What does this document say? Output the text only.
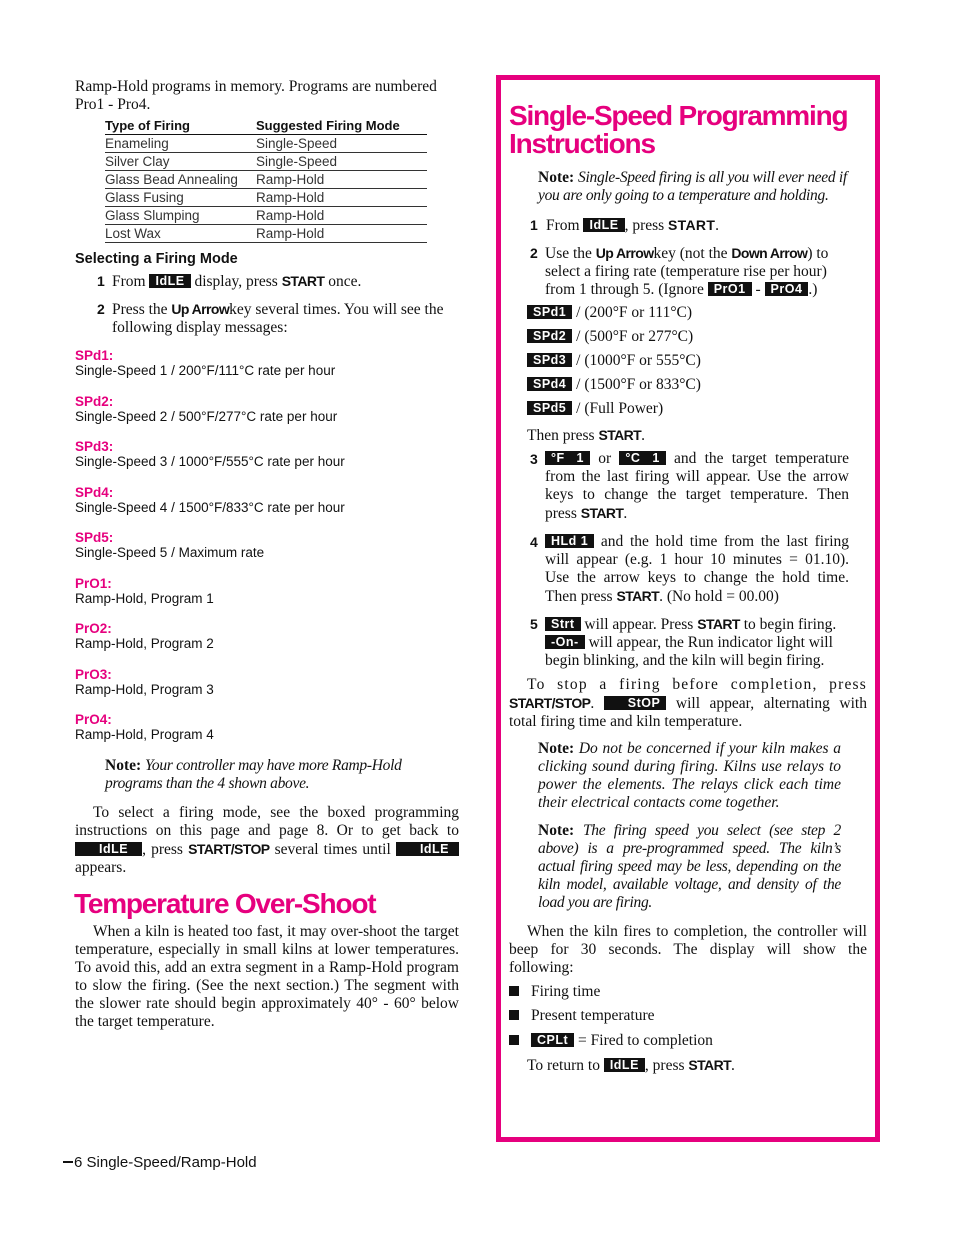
Ramp-Hold programs in memory. Programs are numbered Pro1 - Pro4.
Type of Firing	Suggested Firing Mode
Enameling	Single-Speed
Silver Clay	Single-Speed
Glass Bead Annealing	Ramp-Hold
Glass Fusing	Ramp-Hold
Glass Slumping	Ramp-Hold
Lost Wax	Ramp-Hold
Selecting a Firing Mode
1 From IdLE display, press START once.
2 Press the Up Arrowkey several times. You will see the following display messages:
SPd1:
Single-Speed 1 / 200°F/111°C rate per hour
SPd2:
Single-Speed 2 / 500°F/277°C rate per hour
SPd3:
Single-Speed 3 / 1000°F/555°C rate per hour
SPd4:
Single-Speed 4 / 1500°F/833°C rate per hour
SPd5:
Single-Speed 5 / Maximum rate
PrO1:
Ramp-Hold, Program 1
PrO2:
Ramp-Hold, Program 2
PrO3:
Ramp-Hold, Program 3
PrO4:
Ramp-Hold, Program 4
Note: Your controller may have more Ramp-Hold programs than the 4 shown above.
To select a firing mode, see the boxed programming instructions on this page and page 8. Or to get back to IdLE , press START/STOP several times until IdLE appears.
Temperature Over-Shoot
When a kiln is heated too fast, it may over-shoot the target temperature, especially in small kilns at lower temperatures. To avoid this, add an extra segment in a Ramp-Hold program to slow the firing. (See the next section.) The segment with the slower rate should begin approximately 40° - 60° below the target temperature.
6 Single-Speed/Ramp-Hold
Single-Speed Programming Instructions
Note: Single-Speed firing is all you will ever need if you are only going to a temperature and holding.
1 From IdLE , press START.
2 Use the Up Arrowkey (not the Down Arrow) to select a firing rate (temperature rise per hour) from 1 through 5. (Ignore PrO1 - PrO4 .)
SPd1 / (200°F or 111°C)
SPd2 / (500°F or 277°C)
SPd3 / (1000°F or 555°C)
SPd4 / (1500°F or 833°C)
SPd5 / (Full Power)
Then press START.
3	°F   1 or °C   1 and the target temperature from the last firing will appear. Use the arrow keys to change the target temperature. Then press START.
4	HLd 1 and the hold time from the last firing will appear (e.g. 1 hour 10 minutes = 01.10). Use the arrow keys to change the hold time. Then press START. (No hold = 00.00)
5	Strt will appear. Press START to begin firing. -On- will appear, the Run indicator light will begin blinking, and the kiln will begin firing.
To stop a firing before completion, press START/STOP.	StOP will appear, alternating with total firing time and kiln temperature.
Note: Do not be concerned if your kiln makes a clicking sound during firing. Kilns use relays to power the elements. The relays click each time their electrical contacts come together.
Note: The firing speed you select (see step 2 above) is a pre-programmed speed. The kiln’s actual firing speed may be less, depending on the kiln model, available voltage, and density of the load you are firing.
When the kiln fires to completion, the controller will beep for 30 seconds. The display will show the following:
Firing time
Present temperature
CPLt = Fired to completion
To return to IdLE , press START.
